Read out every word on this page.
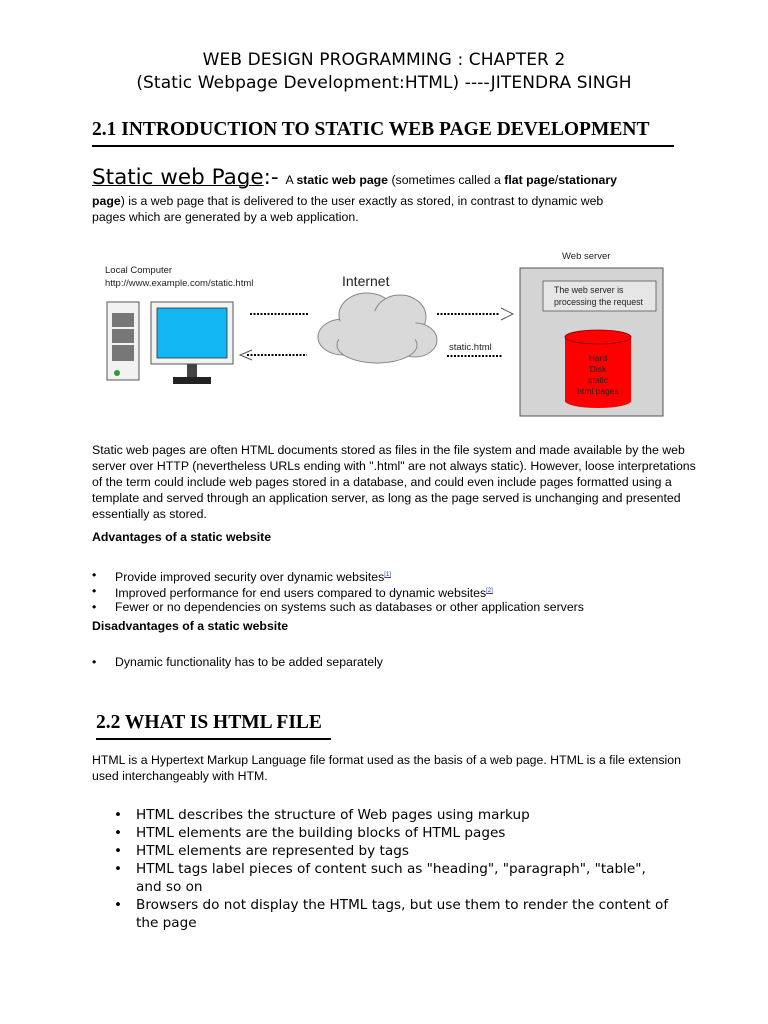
WEB DESIGN PROGRAMMING : CHAPTER 2
(Static Webpage Development:HTML) ----JITENDRA SINGH
2.1 INTRODUCTION TO STATIC WEB PAGE DEVELOPMENT
Static web Page:- A static web page (sometimes called a flat page/stationary
page) is a web page that is delivered to the user exactly as stored, in contrast to dynamic web
pages which are generated by a web application.
Local Computer
http://www.example.com/static.html	Internet
static.html
Web server
The web server is
processing the request
Hard
Disk
static
html pages
Static web pages are often HTML documents stored as files in the file system and made available by the web server over HTTP (nevertheless URLs ending with ".html" are not always static). However, loose interpretations of the term could include web pages stored in a database, and could even include pages formatted using a template and served through an application server, as long as the page served is unchanging and presented essentially as stored.
Advantages of a static website
• Provide improved security over dynamic websites[1]
• Improved performance for end users compared to dynamic websites[2]
• Fewer or no dependencies on systems such as databases or other application servers
Disadvantages of a static website
• Dynamic functionality has to be added separately
2.2 WHAT IS HTML FILE
HTML is a Hypertext Markup Language file format used as the basis of a web page. HTML is a file extension used interchangeably with HTM.
• HTML describes the structure of Web pages using markup
• HTML elements are the building blocks of HTML pages
• HTML elements are represented by tags
• HTML tags label pieces of content such as "heading", "paragraph", "table", and so on
• Browsers do not display the HTML tags, but use them to render the content of the page
